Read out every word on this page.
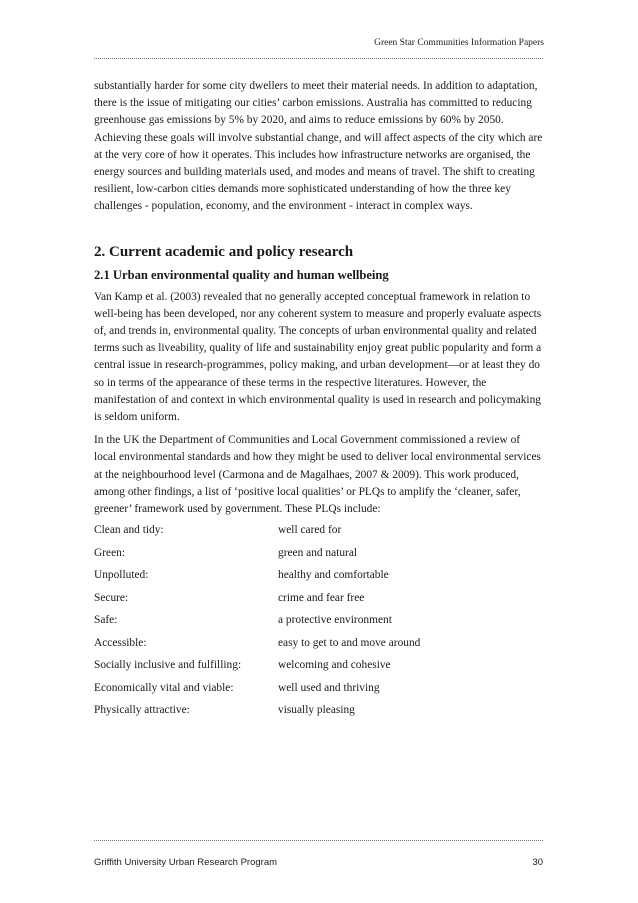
Green Star Communities Information Papers

substantially harder for some city dwellers to meet their material needs. In addition to adaptation, there is the issue of mitigating our cities’ carbon emissions. Australia has committed to reducing greenhouse gas emissions by 5% by 2020, and aims to reduce emissions by 60% by 2050. Achieving these goals will involve substantial change, and will affect aspects of the city which are at the very core of how it operates. This includes how infrastructure networks are organised, the energy sources and building materials used, and modes and means of travel. The shift to creating resilient, low-carbon cities demands more sophisticated understanding of how the three key challenges - population, economy, and the environment - interact in complex ways.

2. Current academic and policy research
2.1 Urban environmental quality and human wellbeing

Van Kamp et al. (2003) revealed that no generally accepted conceptual framework in relation to well-being has been developed, nor any coherent system to measure and properly evaluate aspects of, and trends in, environmental quality. The concepts of urban environmental quality and related terms such as liveability, quality of life and sustainability enjoy great public popularity and form a central issue in research-programmes, policy making, and urban development—or at least they do so in terms of the appearance of these terms in the respective literatures. However, the manifestation of and context in which environmental quality is used in research and policymaking is seldom uniform.

In the UK the Department of Communities and Local Government commissioned a review of local environmental standards and how they might be used to deliver local environmental services at the neighbourhood level (Carmona and de Magalhaes, 2007 & 2009). This work produced, among other findings, a list of ‘positive local qualities’ or PLQs to amplify the ‘cleaner, safer, greener’ framework used by government. These PLQs include:

Clean and tidy:	well cared for
Green:	green and natural
Unpolluted:	healthy and comfortable
Secure:	crime and fear free
Safe:	a protective environment
Accessible:	easy to get to and move around
Socially inclusive and fulfilling:	welcoming and cohesive
Economically vital and viable:	well used and thriving
Physically attractive:	visually pleasing
Griffith University Urban Research Program	30
